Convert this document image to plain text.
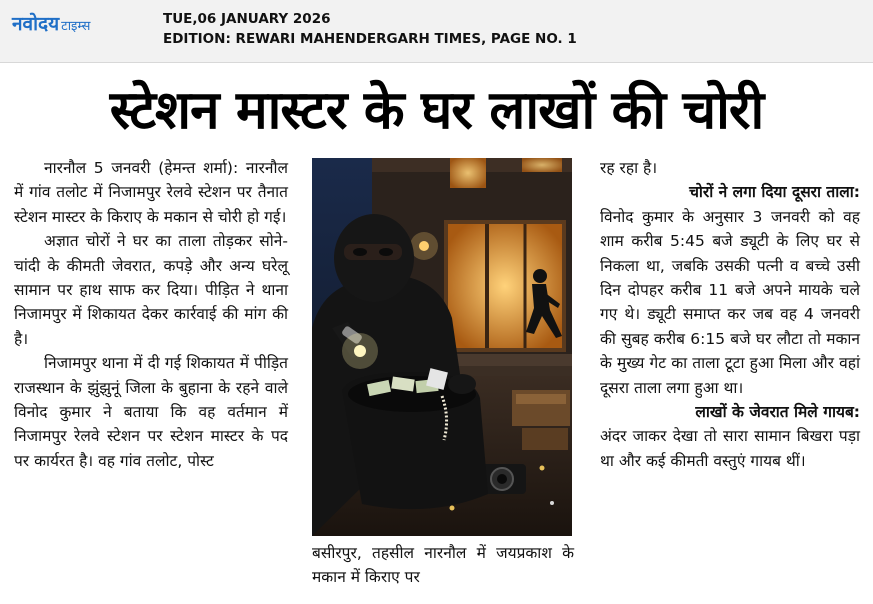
नवोदय टाइम्स	TUE,06 JANUARY 2026
EDITION: REWARI MAHENDERGARH TIMES, PAGE NO. 1
स्टेशन मास्टर के घर लाखों की चोरी

नारनौल 5 जनवरी (हेमन्त शर्मा): नारनौल में गांव तलोट में निजामपुर रेलवे स्टेशन पर तैनात स्टेशन मास्टर के किराए के मकान से चोरी हो गई।

अज्ञात चोरों ने घर का ताला तोड़कर सोने-चांदी के कीमती जेवरात, कपड़े और अन्य घरेलू सामान पर हाथ साफ कर दिया। पीड़ित ने थाना निजामपुर में शिकायत देकर कार्रवाई की मांग की है।

निजामपुर थाना में दी गई शिकायत में पीड़ित राजस्थान के झुंझुनूं जिला के बुहाना के रहने वाले विनोद कुमार ने बताया कि वह वर्तमान में निजामपुर रेलवे स्टेशन पर स्टेशन मास्टर के पद पर कार्यरत है। वह गांव तलोट, पोस्ट

बसीरपुर, तहसील नारनौल में जयप्रकाश के मकान में किराए पर

रह रहा है।

चोरों ने लगा दिया दूसरा ताला:

विनोद कुमार के अनुसार 3 जनवरी को वह शाम करीब 5:45 बजे ड्यूटी के लिए घर से निकला था, जबकि उसकी पत्नी व बच्चे उसी दिन दोपहर करीब 11 बजे अपने मायके चले गए थे। ड्यूटी समाप्त कर जब वह 4 जनवरी की सुबह करीब 6:15 बजे घर लौटा तो मकान के मुख्य गेट का ताला टूटा हुआ मिला और वहां दूसरा ताला लगा हुआ था।

लाखों के जेवरात मिले गायब:

अंदर जाकर देखा तो सारा सामान बिखरा पड़ा था और कई कीमती वस्तुएं गायब थीं।
